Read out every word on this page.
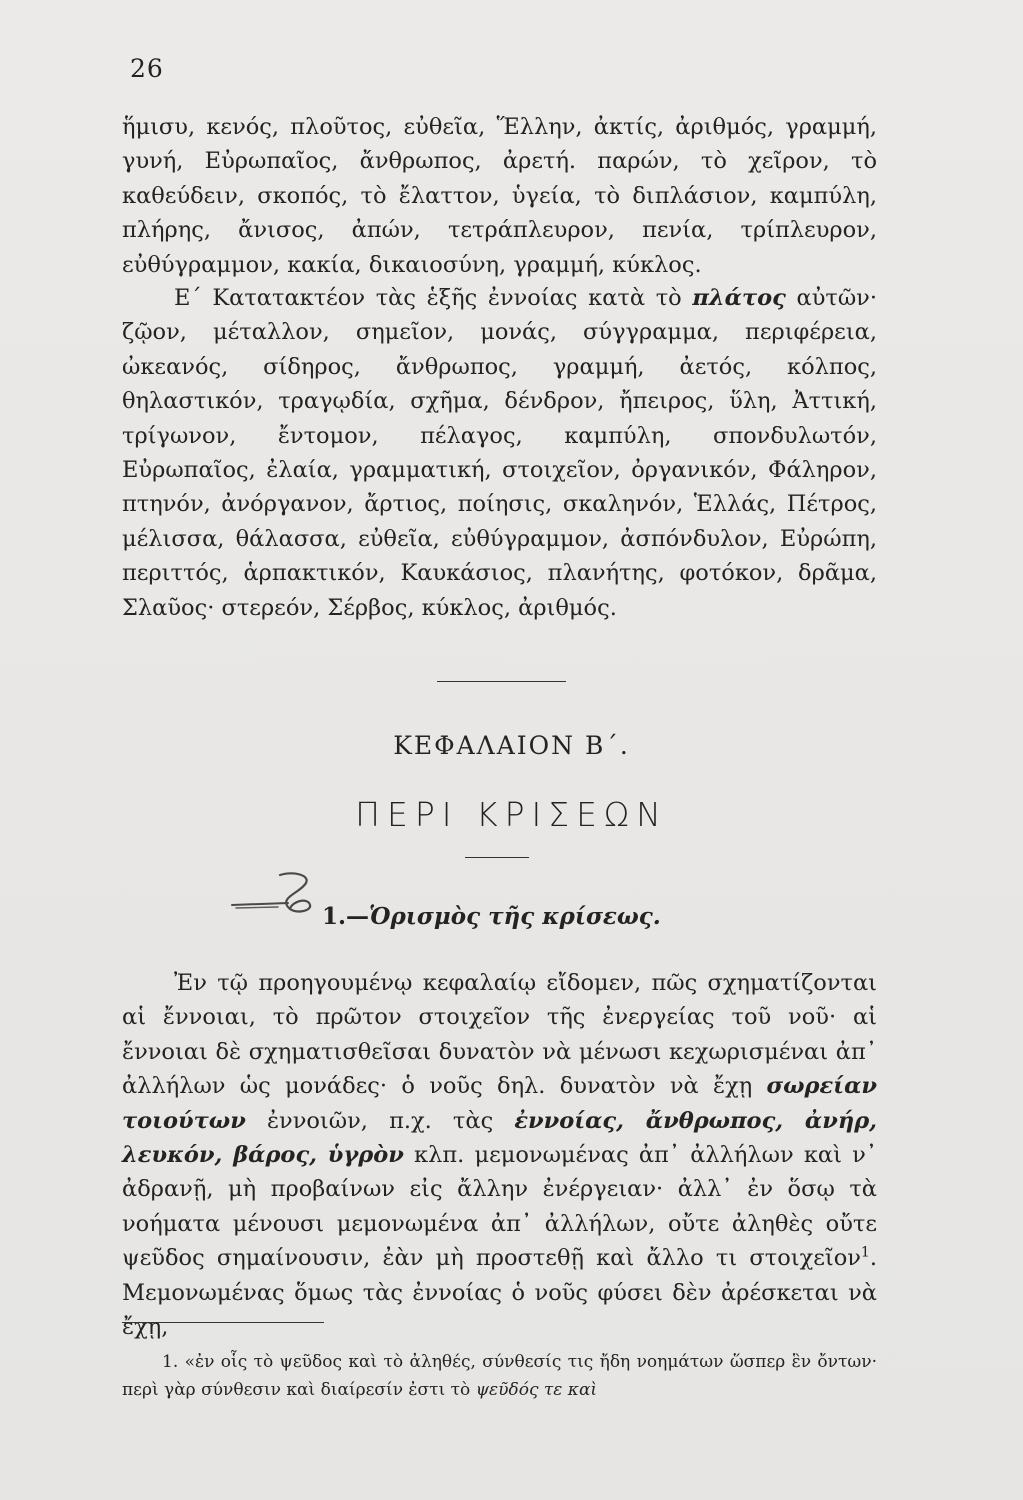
26
ἥμισυ, κενός, πλοῦτος, εὐθεῖα, Ἕλλην, ἀκτίς, ἀριθμός, γραμμή, γυνή, Εὐρωπαῖος, ἄνθρωπος, ἀρετή. παρών, τὸ χεῖρον, τὸ καθεύδειν, σκοπός, τὸ ἔλαττον, ὑγεία, τὸ διπλάσιον, καμπύλη, πλήρης, ἄνισος, ἀπών, τετράπλευρον, πενία, τρίπλευρον, εὐθύγραμμον, κακία, δικαιοσύνη, γραμμή, κύκλος.
Ε΄ Κατατακτέον τὰς ἑξῆς ἐννοίας κατὰ τὸ πλάτος αὐτῶν· ζῷον, μέταλλον, σημεῖον, μονάς, σύγγραμμα, περιφέρεια, ὠκεανός, σίδηρος, ἄνθρωπος, γραμμή, ἀετός, κόλπος, θηλαστικόν, τραγῳδία, σχῆμα, δένδρον, ἤπειρος, ὕλη, Ἀττική, τρίγωνον, ἔντομον, πέλαγος, καμπύλη, σπονδυλωτόν, Εὐρωπαῖος, ἐλαία, γραμματική, στοιχεῖον, ὀργανικόν, Φάληρον, πτηνόν, ἀνόργανον, ἄρτιος, ποίησις, σκαληνόν, Ἑλλάς, Πέτρος, μέλισσα, θάλασσα, εὐθεῖα, εὐθύγραμμον, ἀσπόνδυλον, Εὐρώπη, περιττός, ἁρπακτικόν, Καυκάσιος, πλανήτης, φοτόκον, δρᾶμα, Σλαῦος· στερεόν, Σέρβος, κύκλος, ἀριθμός.
ΚΕΦΑΛΑΙΟΝ Β΄.
ΠΕΡΙ ΚΡΙΣΕΩΝ
1.—Ὁρισμὸς τῆς κρίσεως.
Ἐν τῷ προηγουμένῳ κεφαλαίῳ εἴδομεν, πῶς σχηματίζονται αἱ ἔννοιαι, τὸ πρῶτον στοιχεῖον τῆς ἐνεργείας τοῦ νοῦ· αἱ ἔννοιαι δὲ σχηματισθεῖσαι δυνατὸν νὰ μένωσι κεχωρισμέναι ἀπ᾽ ἀλλήλων ὡς μονάδες· ὁ νοῦς δηλ. δυνατὸν νὰ ἔχῃ σωρείαν τοιούτων ἐννοιῶν, π.χ. τὰς ἐννοίας, ἄνθρωπος, ἀνήρ, λευκόν, βάρος, ὑγρὸν κλπ. μεμονωμένας ἀπ᾽ ἀλλήλων καὶ ν᾽ ἀδρανῇ, μὴ προβαίνων εἰς ἄλλην ἐνέργειαν· ἀλλ᾽ ἐν ὅσῳ τὰ νοήματα μένουσι μεμονωμένα ἀπ᾽ ἀλλήλων, οὔτε ἀληθὲς οὔτε ψεῦδος σημαίνουσιν, ἐὰν μὴ προστεθῇ καὶ ἄλλο τι στοιχεῖον$^1$. Μεμονωμένας ὅμως τὰς ἐννοίας ὁ νοῦς φύσει δὲν ἀρέσκεται νὰ ἔχῃ,
1. «ἐν οἷς τὸ ψεῦδος καὶ τὸ ἀληθές, σύνθεσίς τις ἤδη νοημάτων ὥσπερ ἓν ὄντων· περὶ γὰρ σύνθεσιν καὶ διαίρεσίν ἐστι τὸ ψεῦδός τε καὶ
